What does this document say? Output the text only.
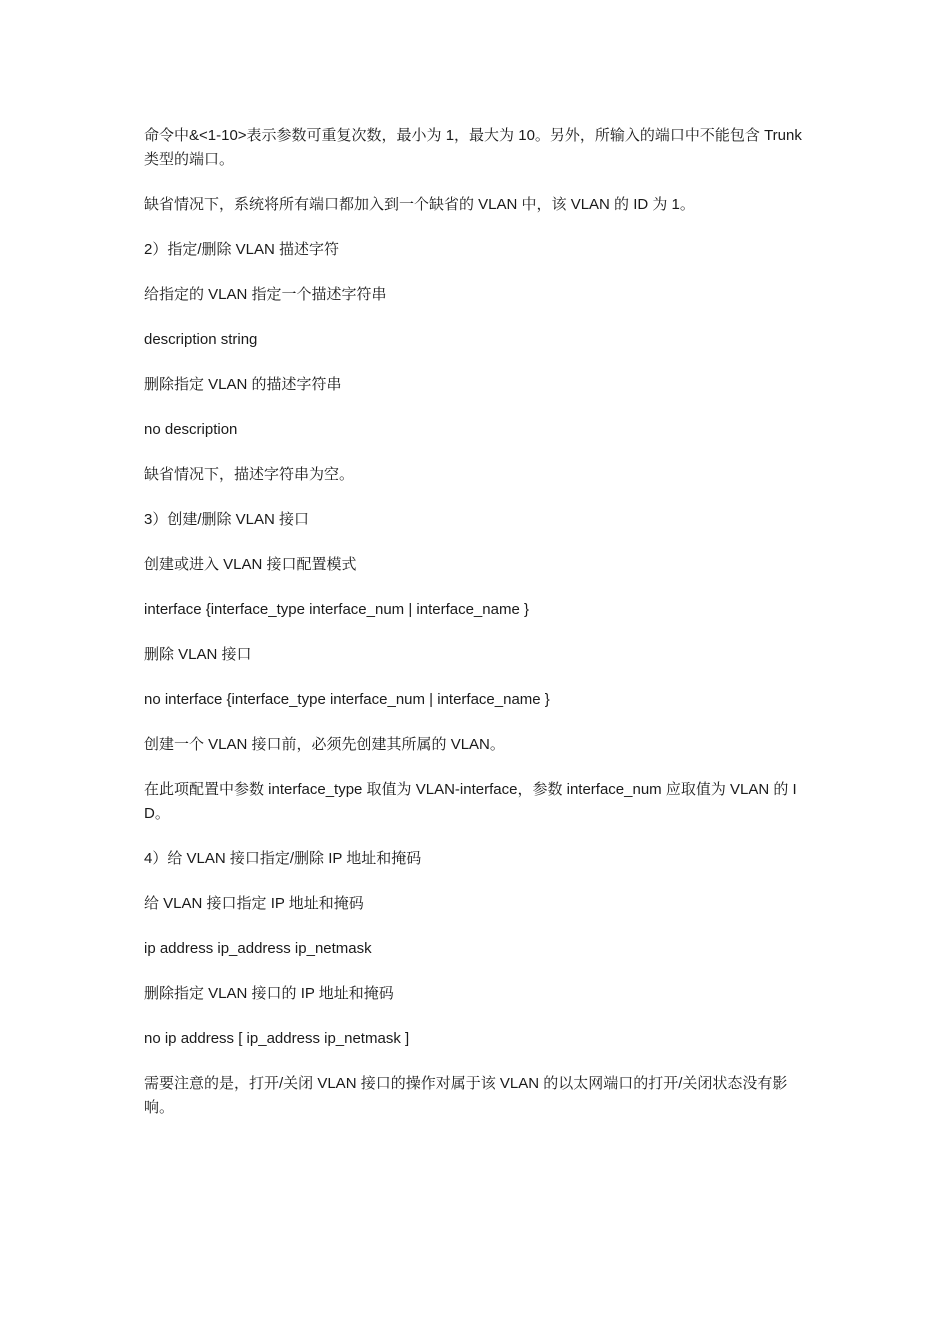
命令中&<1-10>表示参数可重复次数，最小为 1，最大为 10。另外，所输入的端口中不能包含 Trunk 类型的端口。

缺省情况下，系统将所有端口都加入到一个缺省的 VLAN 中，该 VLAN 的 ID 为 1。

2）指定/删除 VLAN 描述字符

给指定的 VLAN 指定一个描述字符串

description string

删除指定 VLAN 的描述字符串

no description

缺省情况下，描述字符串为空。

3）创建/删除 VLAN 接口

创建或进入 VLAN 接口配置模式

interface {interface_type interface_num | interface_name }

删除 VLAN 接口

no interface {interface_type interface_num | interface_name }

创建一个 VLAN 接口前，必须先创建其所属的 VLAN。

在此项配置中参数 interface_type 取值为 VLAN-interface，参数 interface_num 应取值为 VLAN 的 ID。

4）给 VLAN 接口指定/删除 IP 地址和掩码

给 VLAN 接口指定 IP 地址和掩码

ip address ip_address ip_netmask

删除指定 VLAN 接口的 IP 地址和掩码

no ip address [ ip_address ip_netmask ]

需要注意的是，打开/关闭 VLAN 接口的操作对属于该 VLAN 的以太网端口的打开/关闭状态没有影响。
